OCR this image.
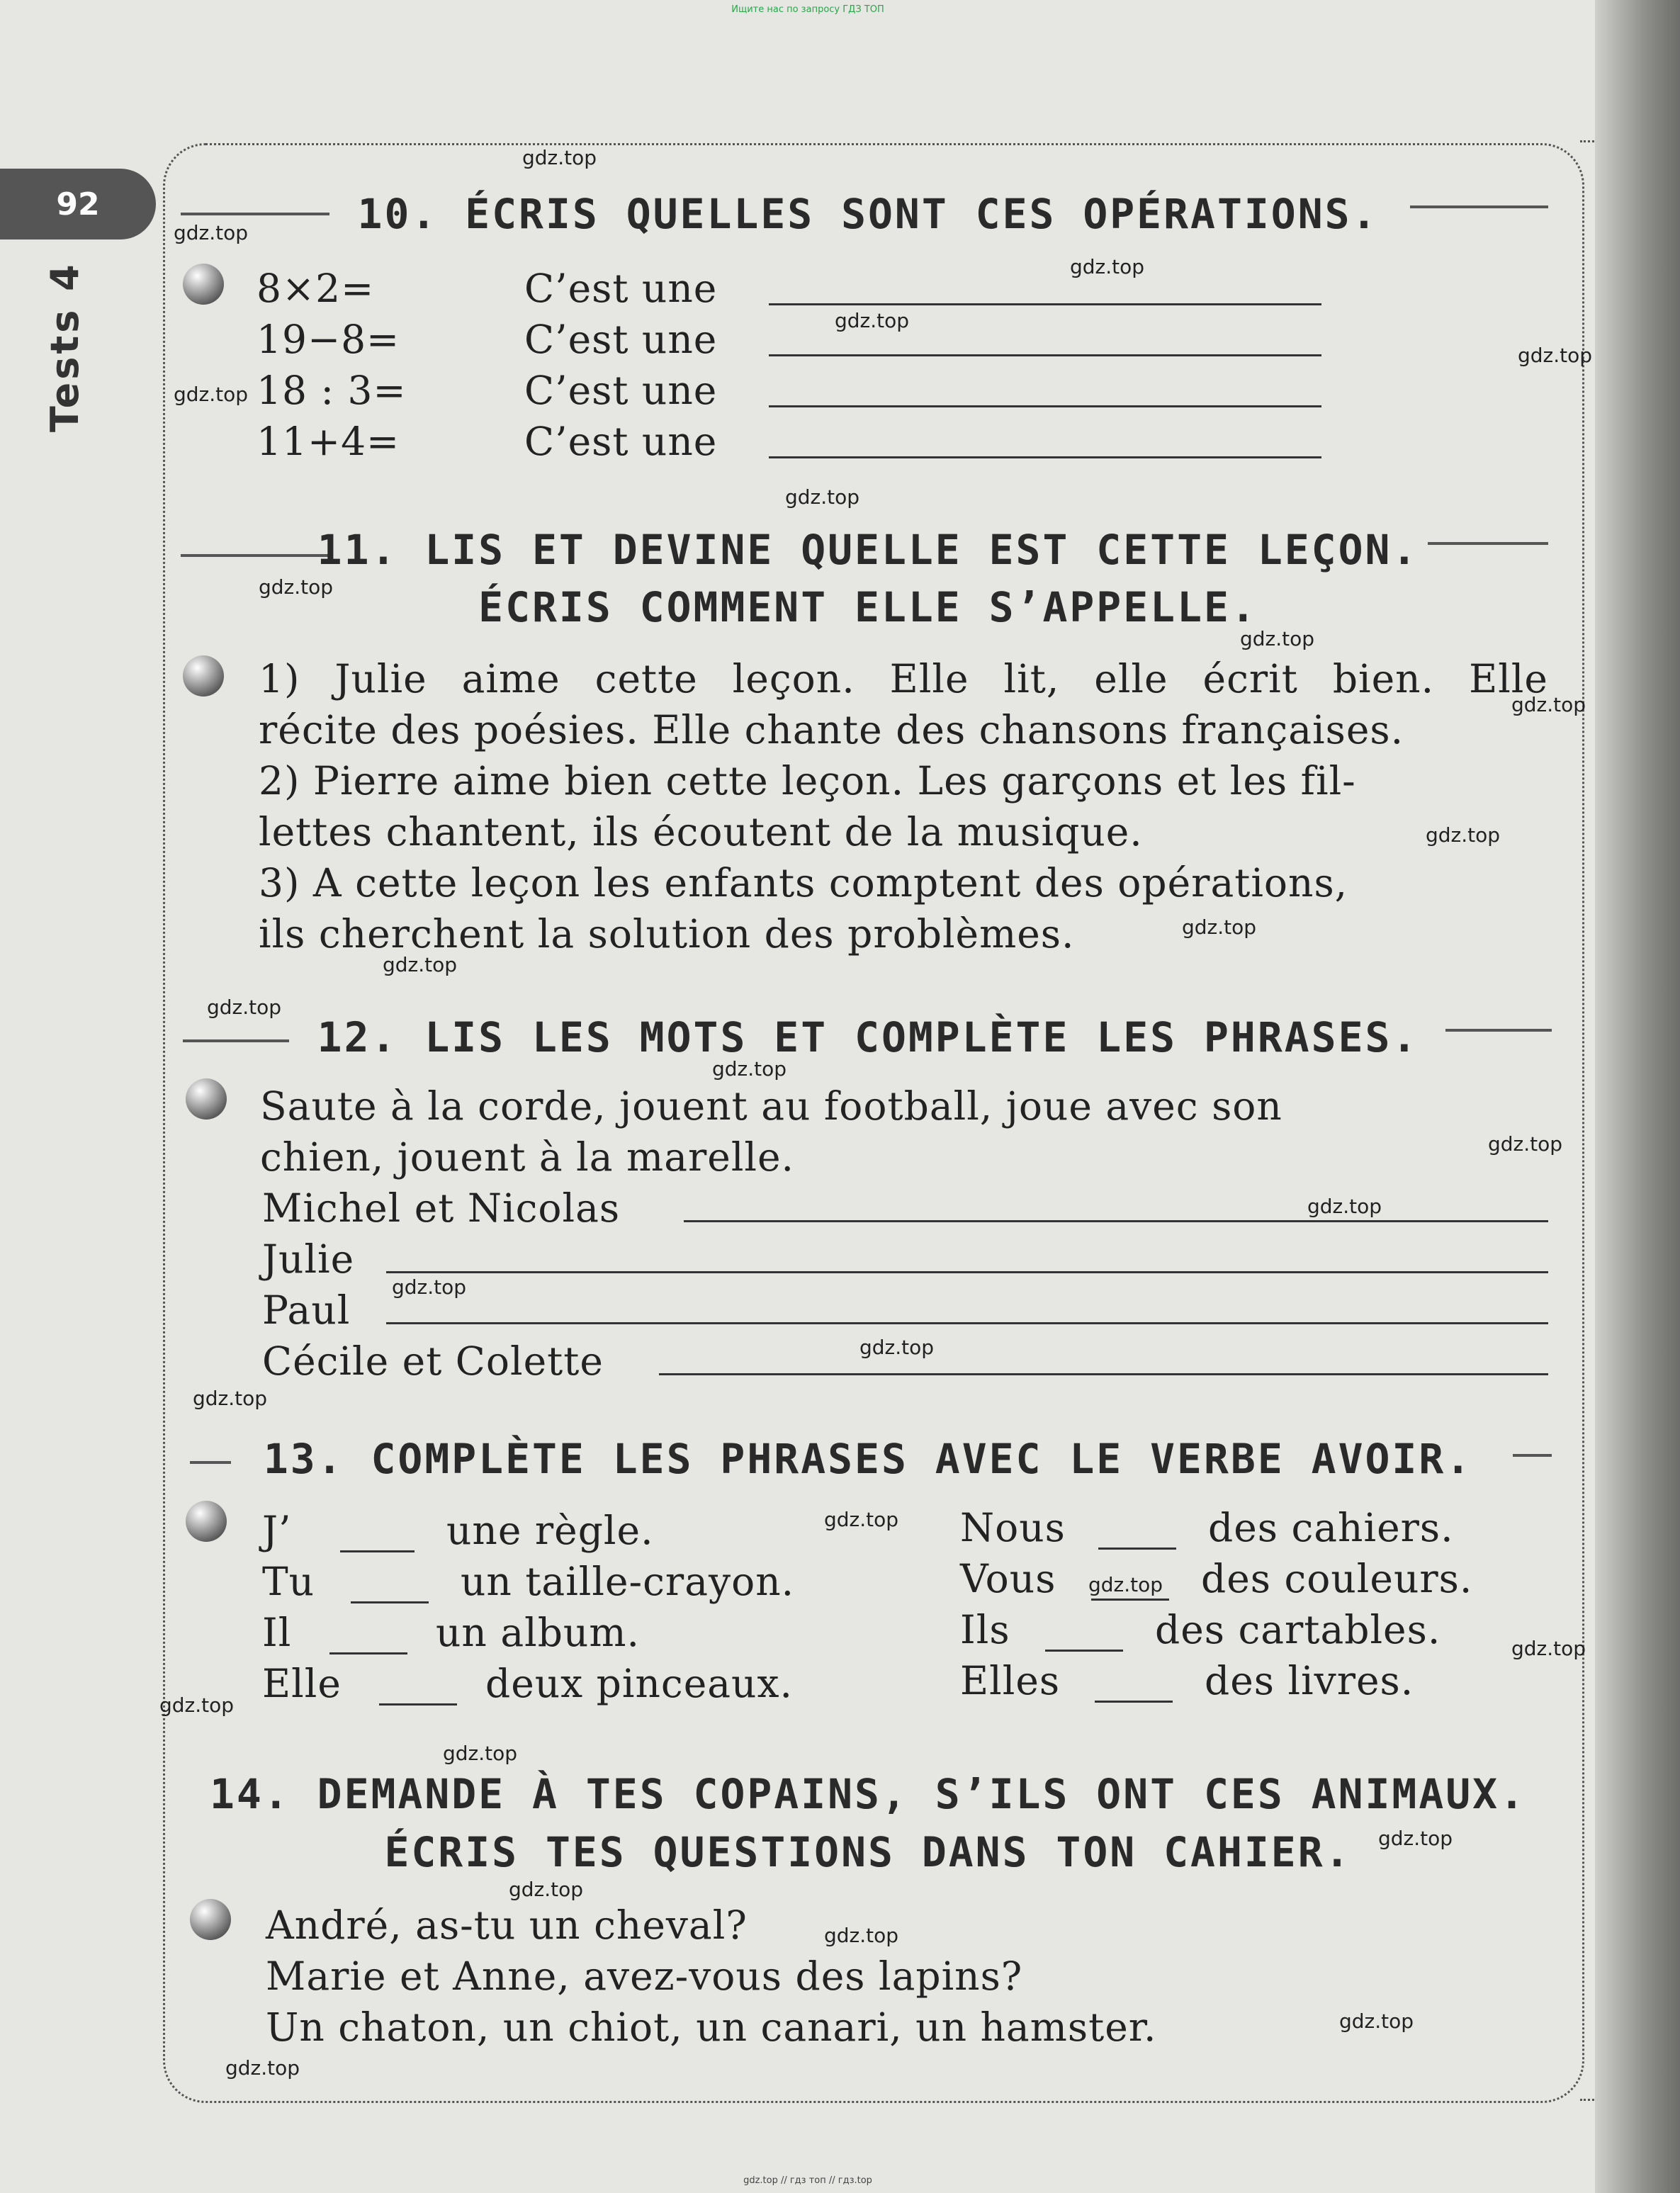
Ищите нас по запросу ГДЗ ТОП
92
Tests 4
10. ÉCRIS QUELLES SONT CES OPÉRATIONS.
8×2=	C’est une
19−8=	C’est une
18 : 3=	C’est une
11+4=	C’est une
11. LIS ET DEVINE QUELLE EST CETTE LEÇON.
ÉCRIS COMMENT ELLE S’APPELLE.
1) Julie aime cette leçon. Elle lit, elle écrit bien. Elle
récite des poésies. Elle chante des chansons françaises.
2) Pierre aime bien cette leçon. Les garçons et les fil-
lettes chantent, ils écoutent de la musique.
3) A cette leçon les enfants comptent des opérations,
ils cherchent la solution des problèmes.
12. LIS LES MOTS ET COMPLÈTE LES PHRASES.
Saute à la corde, jouent au football, joue avec son
chien, jouent à la marelle.
Michel et Nicolas
Julie
Paul
Cécile et Colette
13. COMPLÈTE LES PHRASES AVEC LE VERBE AVOIR.
J’	une règle.
Tu	un taille-crayon.
Il	un album.
Elle	deux pinceaux.
Nous	des cahiers.
Vous	des couleurs.
Ils	des cartables.
Elles	des livres.
14. DEMANDE À TES COPAINS, S’ILS ONT CES ANIMAUX.
ÉCRIS TES QUESTIONS DANS TON CAHIER.
André, as-tu un cheval?
Marie et Anne, avez-vous des lapins?
Un chaton, un chiot, un canari, un hamster.
gdz.top
gdz.top
gdz.top
gdz.top
gdz.top
gdz.top
gdz.top
gdz.top
gdz.top
gdz.top
gdz.top
gdz.top
gdz.top
gdz.top
gdz.top
gdz.top
gdz.top
gdz.top
gdz.top
gdz.top
gdz.top
gdz.top
gdz.top
gdz.top
gdz.top
gdz.top
gdz.top
gdz.top
gdz.top
gdz.top
gdz.top // гдз топ // гдз.top
